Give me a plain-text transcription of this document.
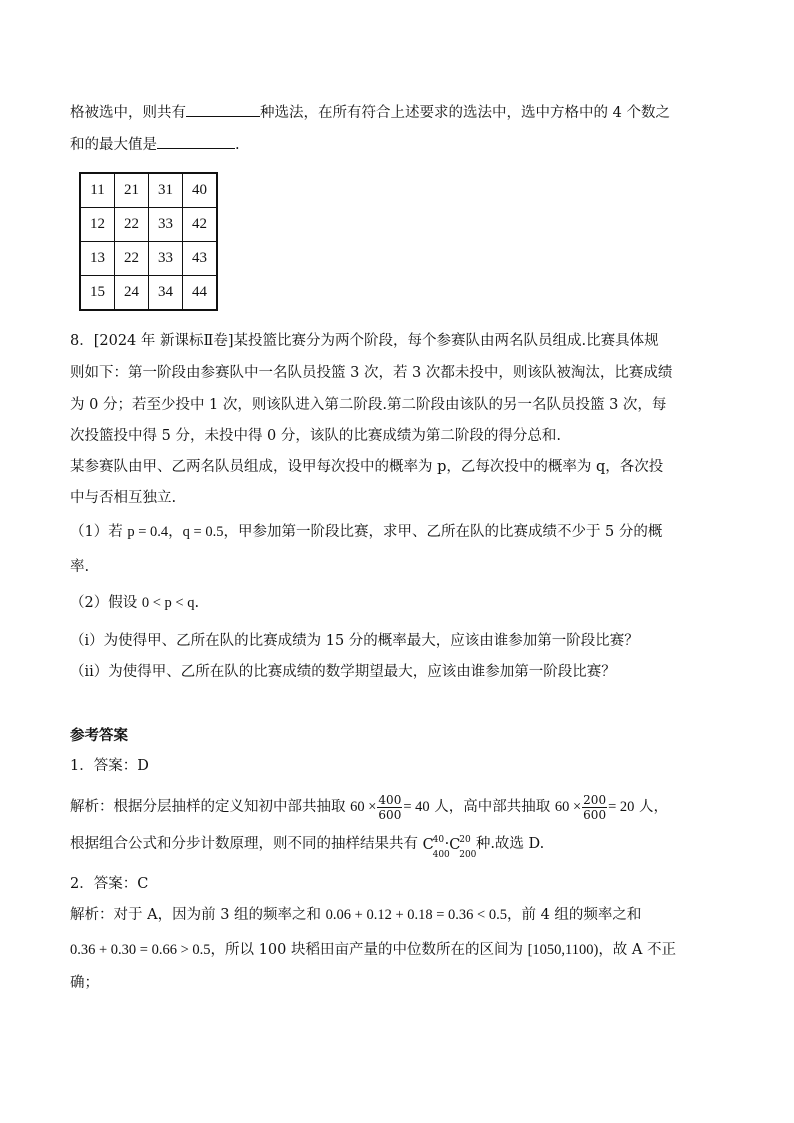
格被选中，则共有	种选法，在所有符合上述要求的选法中，选中方格中的 4 个数之
和的最大值是	.
11	21	31	40
12	22	33	42
13	22	33	43
15	24	34	44
8．[2024 年 新课标Ⅱ卷]某投篮比赛分为两个阶段，每个参赛队由两名队员组成.比赛具体规
则如下：第一阶段由参赛队中一名队员投篮 3 次，若 3 次都未投中，则该队被淘汰，比赛成绩
为 0 分；若至少投中 1 次，则该队进入第二阶段.第二阶段由该队的另一名队员投篮 3 次，每
次投篮投中得 5 分，未投中得 0 分，该队的比赛成绩为第二阶段的得分总和.
某参赛队由甲、乙两名队员组成，设甲每次投中的概率为 p，乙每次投中的概率为 q，各次投
中与否相互独立.
（1）若 p = 0.4，q = 0.5，甲参加第一阶段比赛，求甲、乙所在队的比赛成绩不少于 5 分的概
率.
（2）假设 0 < p < q.
（ⅰ）为使得甲、乙所在队的比赛成绩为 15 分的概率最大，应该由谁参加第一阶段比赛？
（ⅱ）为使得甲、乙所在队的比赛成绩的数学期望最大，应该由谁参加第一阶段比赛？
参考答案
1．答案：D
解析：根据分层抽样的定义知初中部共抽取 $60 \times \frac{400}{600} = 40$ 人，高中部共抽取 $60 \times \frac{200}{600} = 20$ 人，
根据组合公式和分步计数原理，则不同的抽样结果共有 C
40
400
· C
20
200
种.故选 D.
2．答案：C
解析：对于 A，因为前 3 组的频率之和 0.06 + 0.12 + 0.18 = 0.36 < 0.5，前 4 组的频率之和
0.36 + 0.30 = 0.66 > 0.5，所以 100 块稻田亩产量的中位数所在的区间为 [1050,1100)，故 A 不正
确；
